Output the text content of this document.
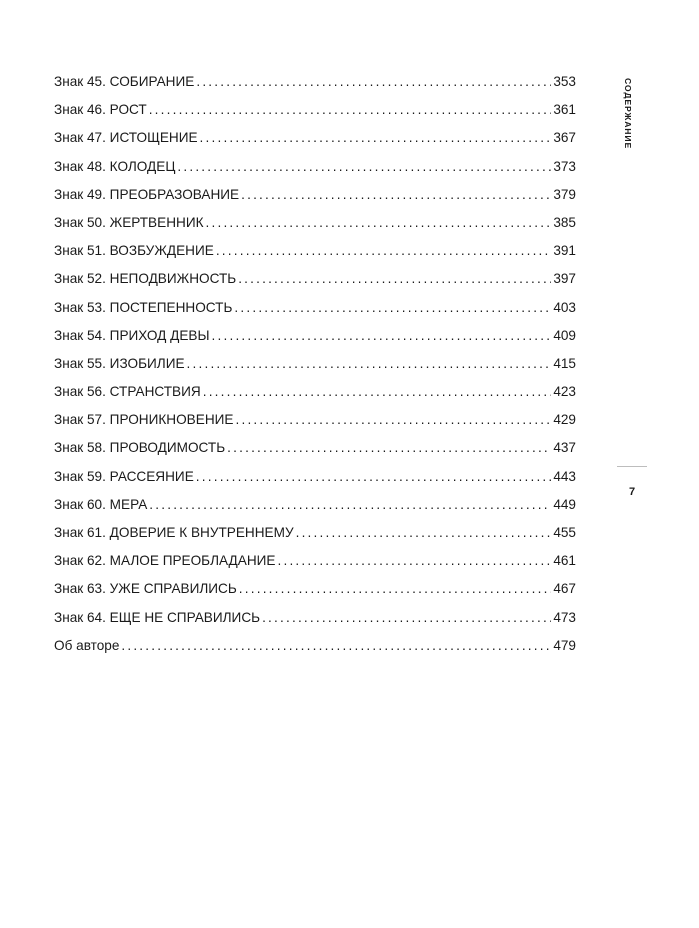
Знак 45. СОБИРАНИЕ .....	353
Знак 46. РОСТ .....	361
Знак 47. ИСТОЩЕНИЕ .....	367
Знак 48. КОЛОДЕЦ .....	373
Знак 49. ПРЕОБРАЗОВАНИЕ .....	379
Знак 50. ЖЕРТВЕННИК .....	385
Знак 51. ВОЗБУЖДЕНИЕ .....	391
Знак 52. НЕПОДВИЖНОСТЬ .....	397
Знак 53. ПОСТЕПЕННОСТЬ .....	403
Знак 54. ПРИХОД ДЕВЫ .....	409
Знак 55. ИЗОБИЛИЕ .....	415
Знак 56. СТРАНСТВИЯ .....	423
Знак 57. ПРОНИКНОВЕНИЕ .....	429
Знак 58. ПРОВОДИМОСТЬ .....	437
Знак 59. РАССЕЯНИЕ .....	443
Знак 60. МЕРА .....	449
Знак 61. ДОВЕРИЕ К ВНУТРЕННЕМУ .....	455
Знак 62. МАЛОЕ ПРЕОБЛАДАНИЕ .....	461
Знак 63. УЖЕ СПРАВИЛИСЬ .....	467
Знак 64. ЕЩЕ НЕ СПРАВИЛИСЬ .....	473
Об авторе .....	479
СОДЕРЖАНИЕ
7
